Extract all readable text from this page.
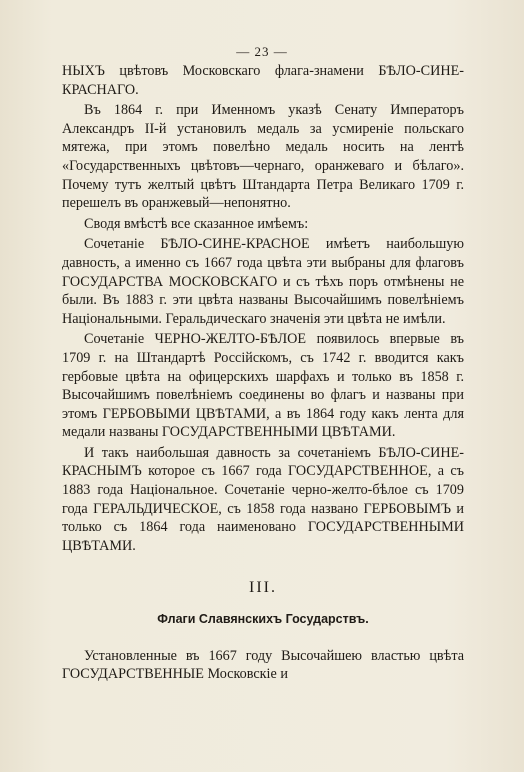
— 23 —

НЫХЪ цвѣтовъ Московскаго флага-знамени БѢЛО-СИНЕ-КРАСНАГО.

Въ 1864 г. при Именномъ указѣ Сенату Императоръ Александръ II-й установилъ медаль за усмиреніе польскаго мятежа, при этомъ повелѣно медаль носить на лентѣ «Государственныхъ цвѣтовъ—чернаго, оранжеваго и бѣлаго». Почему тутъ желтый цвѣтъ Штандарта Петра Великаго 1709 г. перешелъ въ оранжевый—непонятно.

Сводя вмѣстѣ все сказанное имѣемъ:

Сочетаніе БѢЛО-СИНЕ-КРАСНОЕ имѣетъ наибольшую давность, а именно съ 1667 года цвѣта эти выбраны для флаговъ ГОСУДАРСТВА МОСКОВСКАГО и съ тѣхъ поръ отмѣнены не были. Въ 1883 г. эти цвѣта названы Высочайшимъ повелѣніемъ Національными. Геральдическаго значенія эти цвѣта не имѣли.

Сочетаніе ЧЕРНО-ЖЕЛТО-БѢЛОЕ появилось впервые въ 1709 г. на Штандартѣ Россійскомъ, съ 1742 г. вводится какъ гербовые цвѣта на офицерскихъ шарфахъ и только въ 1858 г. Высочайшимъ повелѣніемъ соединены во флагъ и названы при этомъ ГЕРБОВЫМИ ЦВѢТАМИ, а въ 1864 году какъ лента для медали названы ГОСУДАРСТВЕННЫМИ ЦВѢТАМИ.

И такъ наибольшая давность за сочетаніемъ БѢЛО-СИНЕ-КРАСНЫМЪ которое съ 1667 года ГОСУДАРСТВЕННОЕ, а съ 1883 года Національное. Сочетаніе черно-желто-бѣлое съ 1709 года ГЕРАЛЬДИЧЕСКОЕ, съ 1858 года названо ГЕРБОВЫМЪ и только съ 1864 года наименовано ГОСУДАРСТВЕННЫМИ ЦВѢТАМИ.

III.
Флаги Славянскихъ Государствъ.

Установленные въ 1667 году Высочайшею властью цвѣта ГОСУДАРСТВЕННЫЕ Московскіе и
